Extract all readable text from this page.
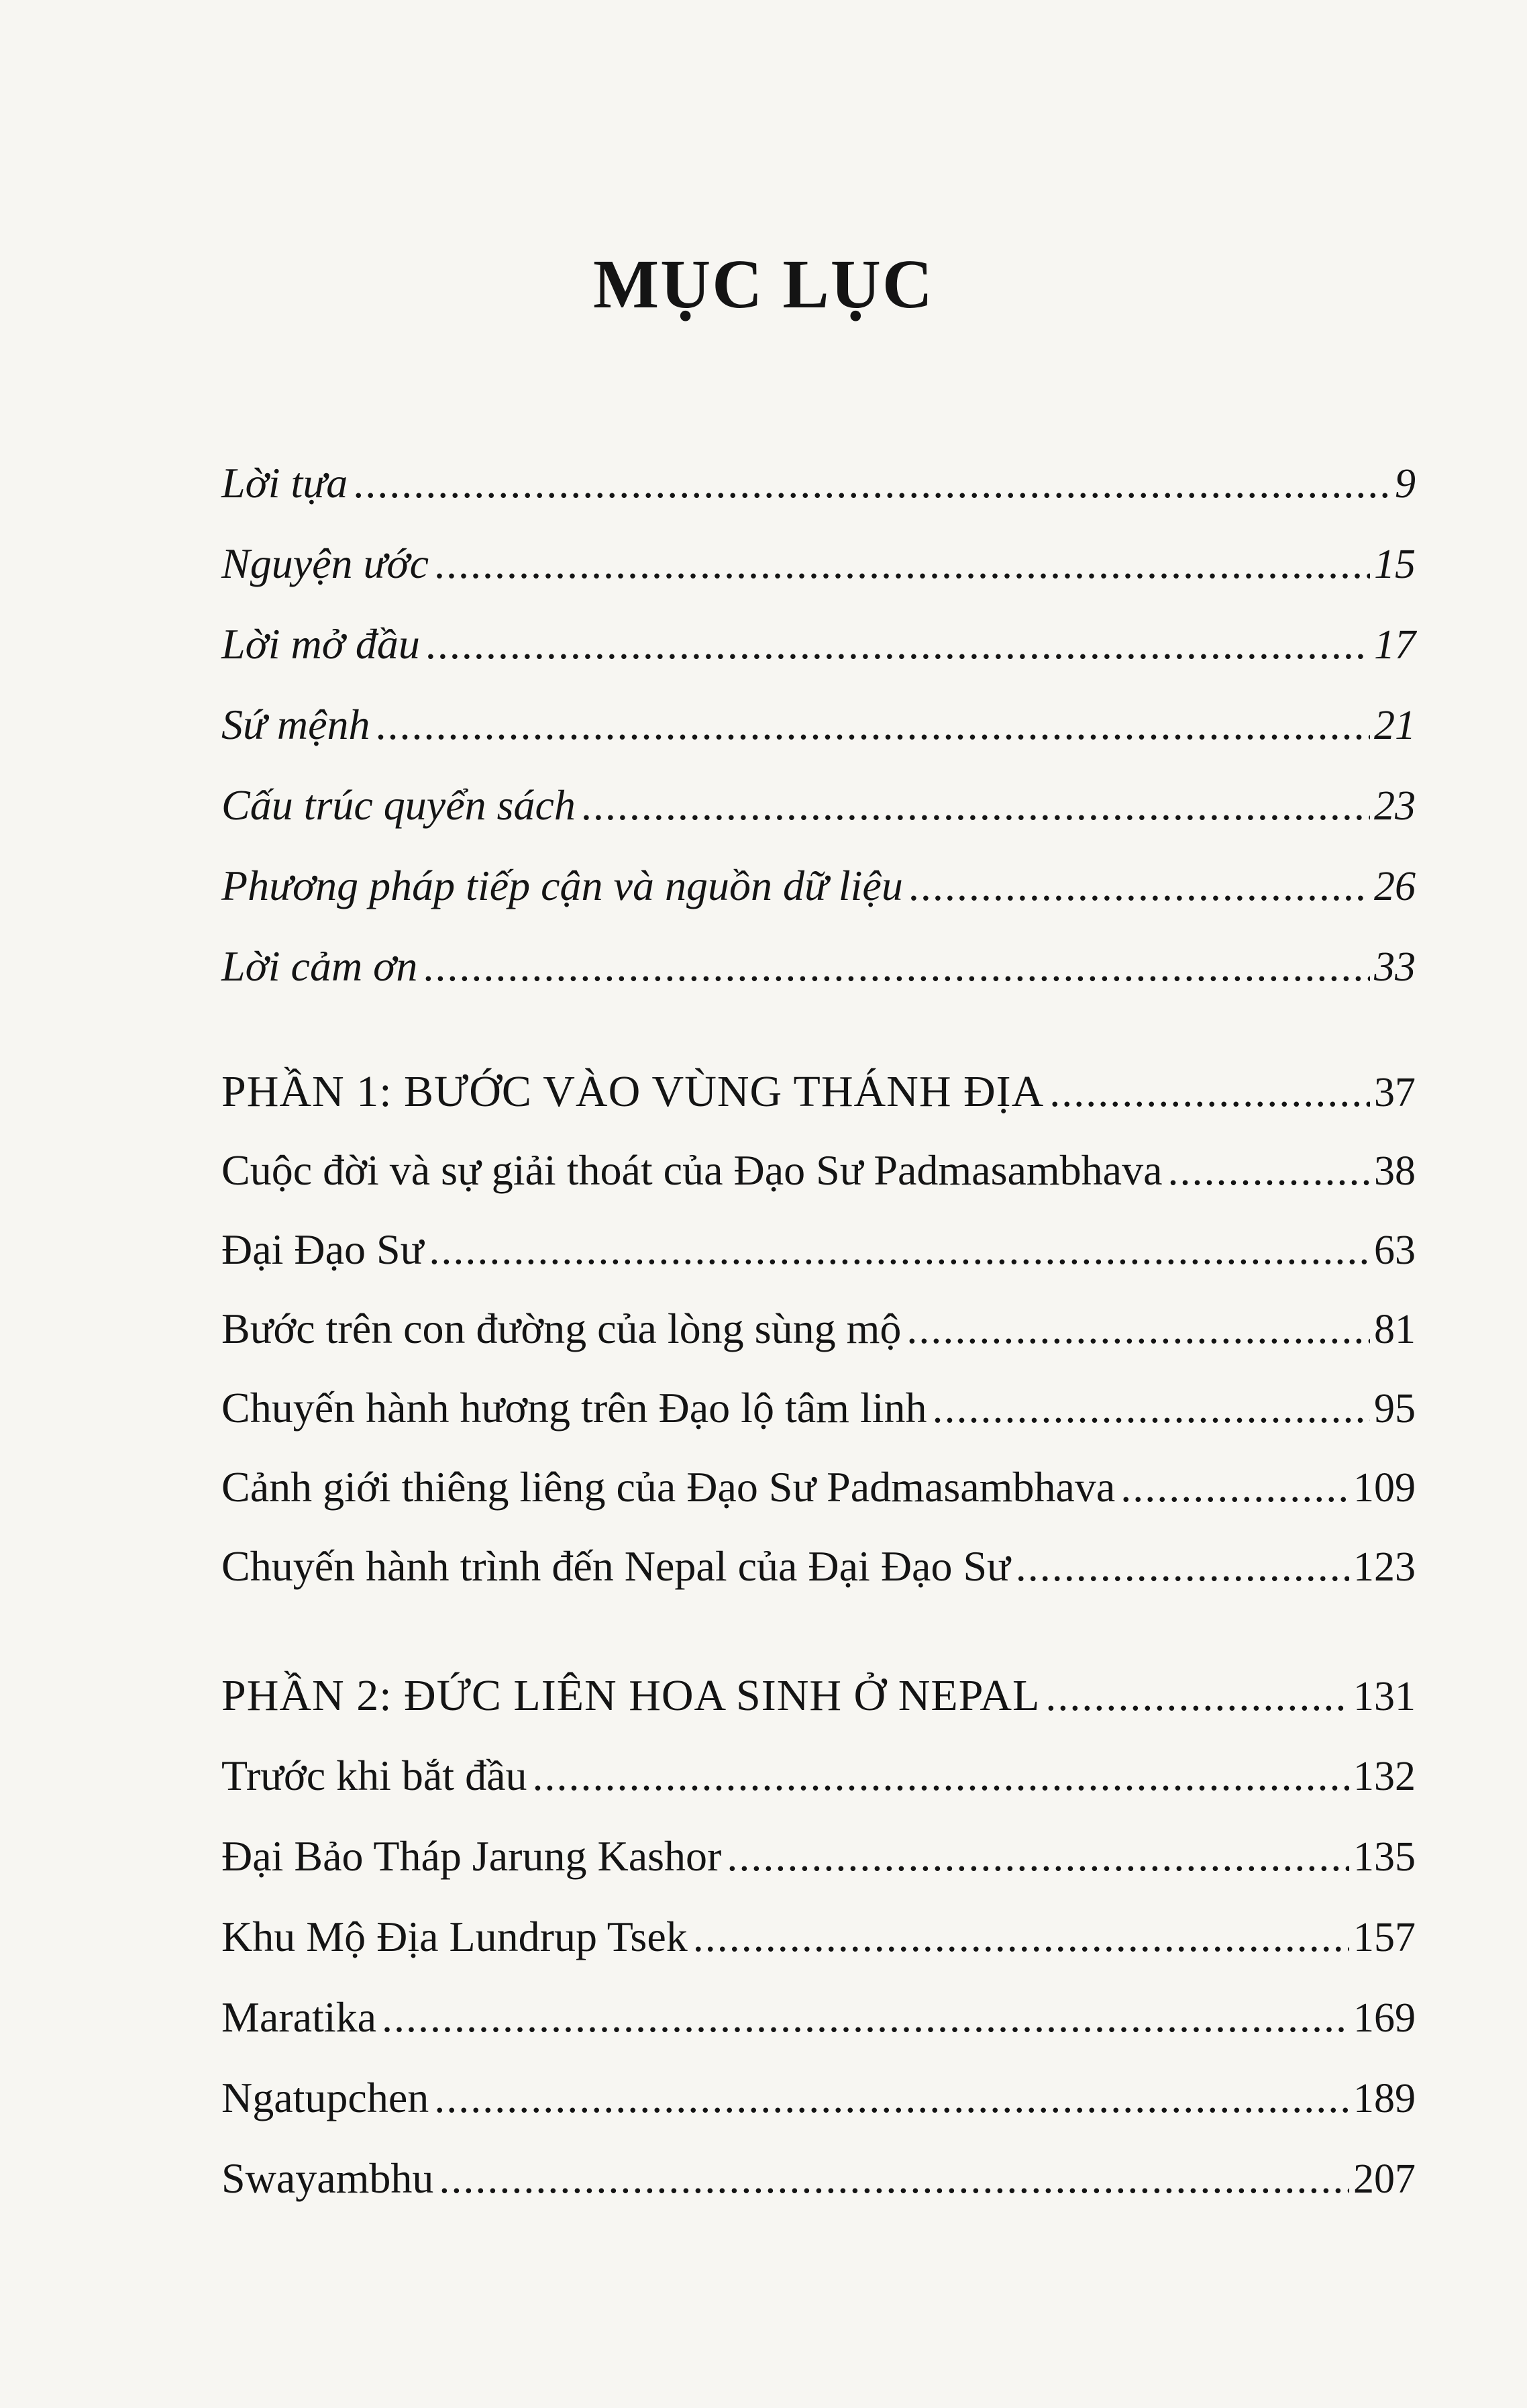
MỤC LỤC
Lời tựa .....	9
Nguyện ước .....	15
Lời mở đầu .....	17
Sứ mệnh .....	21
Cấu trúc quyển sách .....	23
Phương pháp tiếp cận và nguồn dữ liệu .....	26
Lời cảm ơn .....	33
PHẦN 1: BƯỚC VÀO VÙNG THÁNH ĐỊA .....	37
Cuộc đời và sự giải thoát của Đạo Sư Padmasambhava .....	38
Đại Đạo Sư .....	63
Bước trên con đường của lòng sùng mộ .....	81
Chuyến hành hương trên Đạo lộ tâm linh .....	95
Cảnh giới thiêng liêng của Đạo Sư Padmasambhava .....	109
Chuyến hành trình đến Nepal của Đại Đạo Sư .....	123
PHẦN 2: ĐỨC LIÊN HOA SINH Ở NEPAL .....	131
Trước khi bắt đầu .....	132
Đại Bảo Tháp Jarung Kashor .....	135
Khu Mộ Địa Lundrup Tsek .....	157
Maratika .....	169
Ngatupchen .....	189
Swayambhu .....	207
